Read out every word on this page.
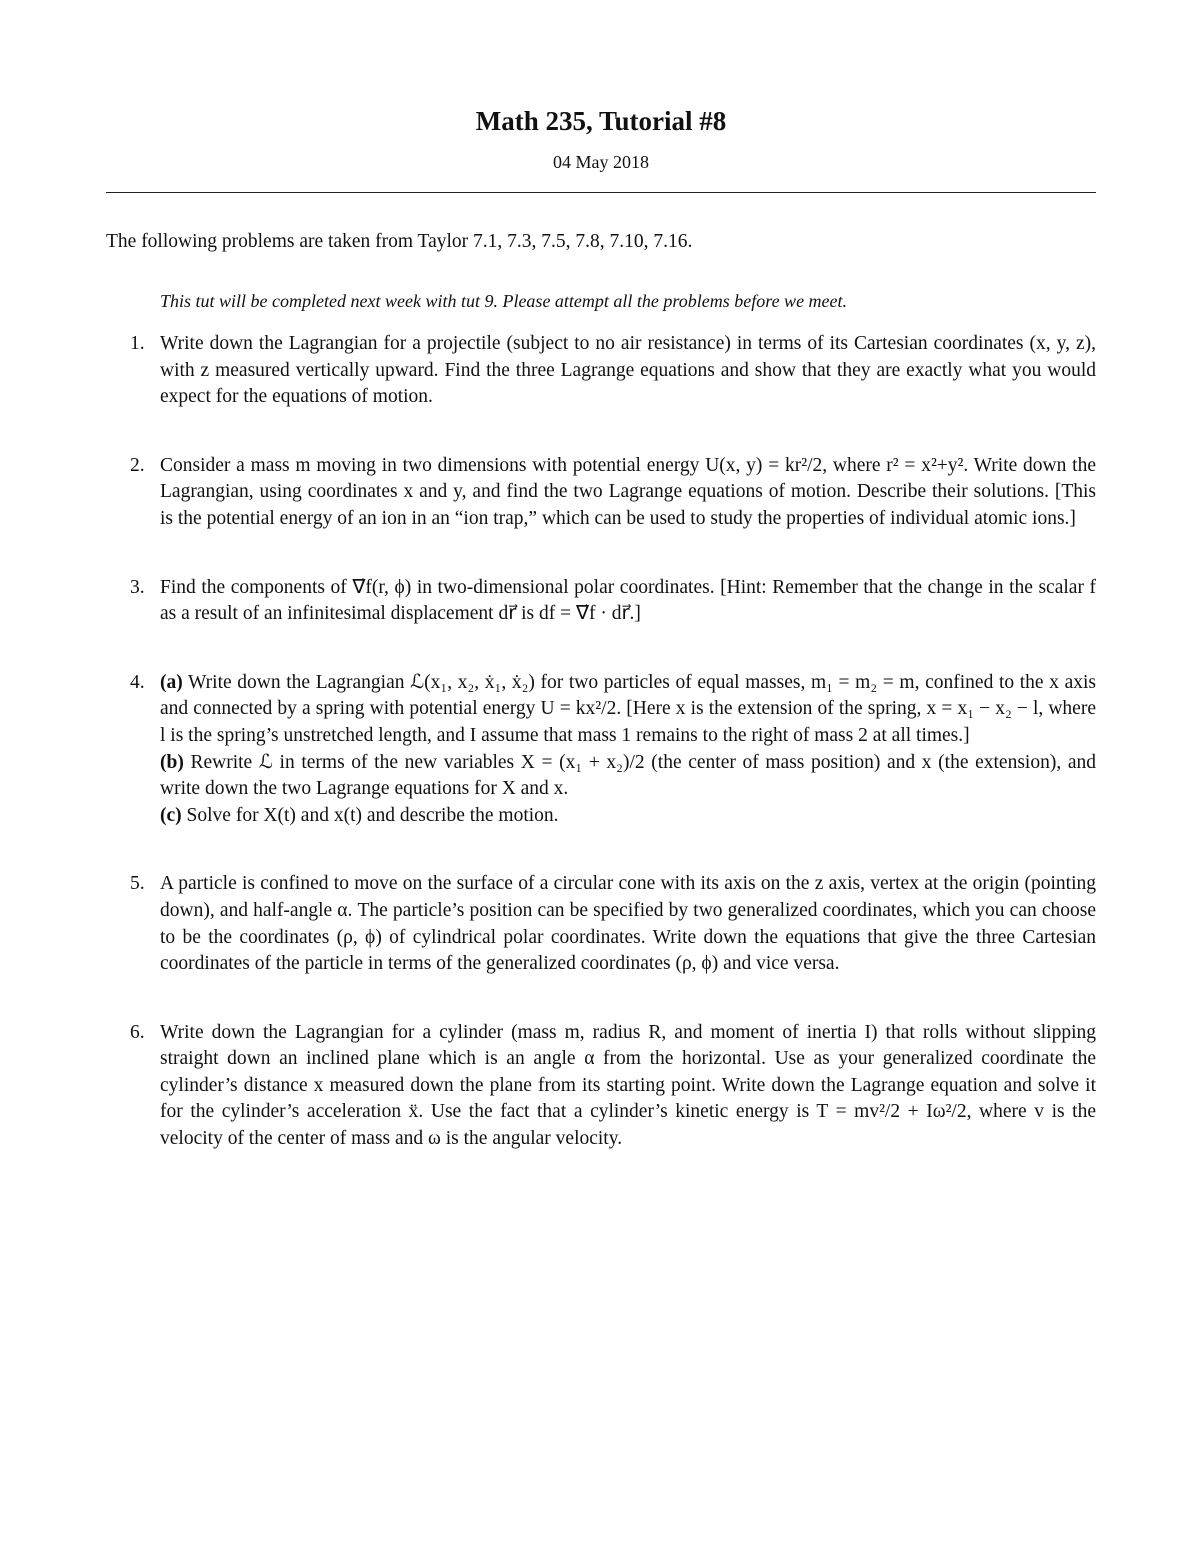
Math 235, Tutorial #8
04 May 2018

The following problems are taken from Taylor 7.1, 7.3, 7.5, 7.8, 7.10, 7.16.

This tut will be completed next week with tut 9. Please attempt all the problems before we meet.

1. Write down the Lagrangian for a projectile (subject to no air resistance) in terms of its Cartesian coordinates (x, y, z), with z measured vertically upward. Find the three Lagrange equations and show that they are exactly what you would expect for the equations of motion.
2. Consider a mass m moving in two dimensions with potential energy U(x, y) = kr²/2, where r² = x²+y². Write down the Lagrangian, using coordinates x and y, and find the two Lagrange equations of motion. Describe their solutions. [This is the potential energy of an ion in an “ion trap,” which can be used to study the properties of individual atomic ions.]
3. Find the components of ∇⃗f(r, ϕ) in two-dimensional polar coordinates. [Hint: Remember that the change in the scalar f as a result of an infinitesimal displacement dr⃗ is df = ∇⃗f · dr⃗.]
4. (a) Write down the Lagrangian ℒ(x₁, x₂, ẋ₁, ẋ₂) for two particles of equal masses, m₁ = m₂ = m, confined to the x axis and connected by a spring with potential energy U = kx²/2. [Here x is the extension of the spring, x = x₁ − x₂ − l, where l is the spring’s unstretched length, and I assume that mass 1 remains to the right of mass 2 at all times.]
(b) Rewrite ℒ in terms of the new variables X = (x₁ + x₂)/2 (the center of mass position) and x (the extension), and write down the two Lagrange equations for X and x.
(c) Solve for X(t) and x(t) and describe the motion.
5. A particle is confined to move on the surface of a circular cone with its axis on the z axis, vertex at the origin (pointing down), and half-angle α. The particle’s position can be specified by two generalized coordinates, which you can choose to be the coordinates (ρ, ϕ) of cylindrical polar coordinates. Write down the equations that give the three Cartesian coordinates of the particle in terms of the generalized coordinates (ρ, ϕ) and vice versa.
6. Write down the Lagrangian for a cylinder (mass m, radius R, and moment of inertia I) that rolls without slipping straight down an inclined plane which is an angle α from the horizontal. Use as your generalized coordinate the cylinder’s distance x measured down the plane from its starting point. Write down the Lagrange equation and solve it for the cylinder’s acceleration ẍ. Use the fact that a cylinder’s kinetic energy is T = mv²/2 + Iω²/2, where v is the velocity of the center of mass and ω is the angular velocity.
